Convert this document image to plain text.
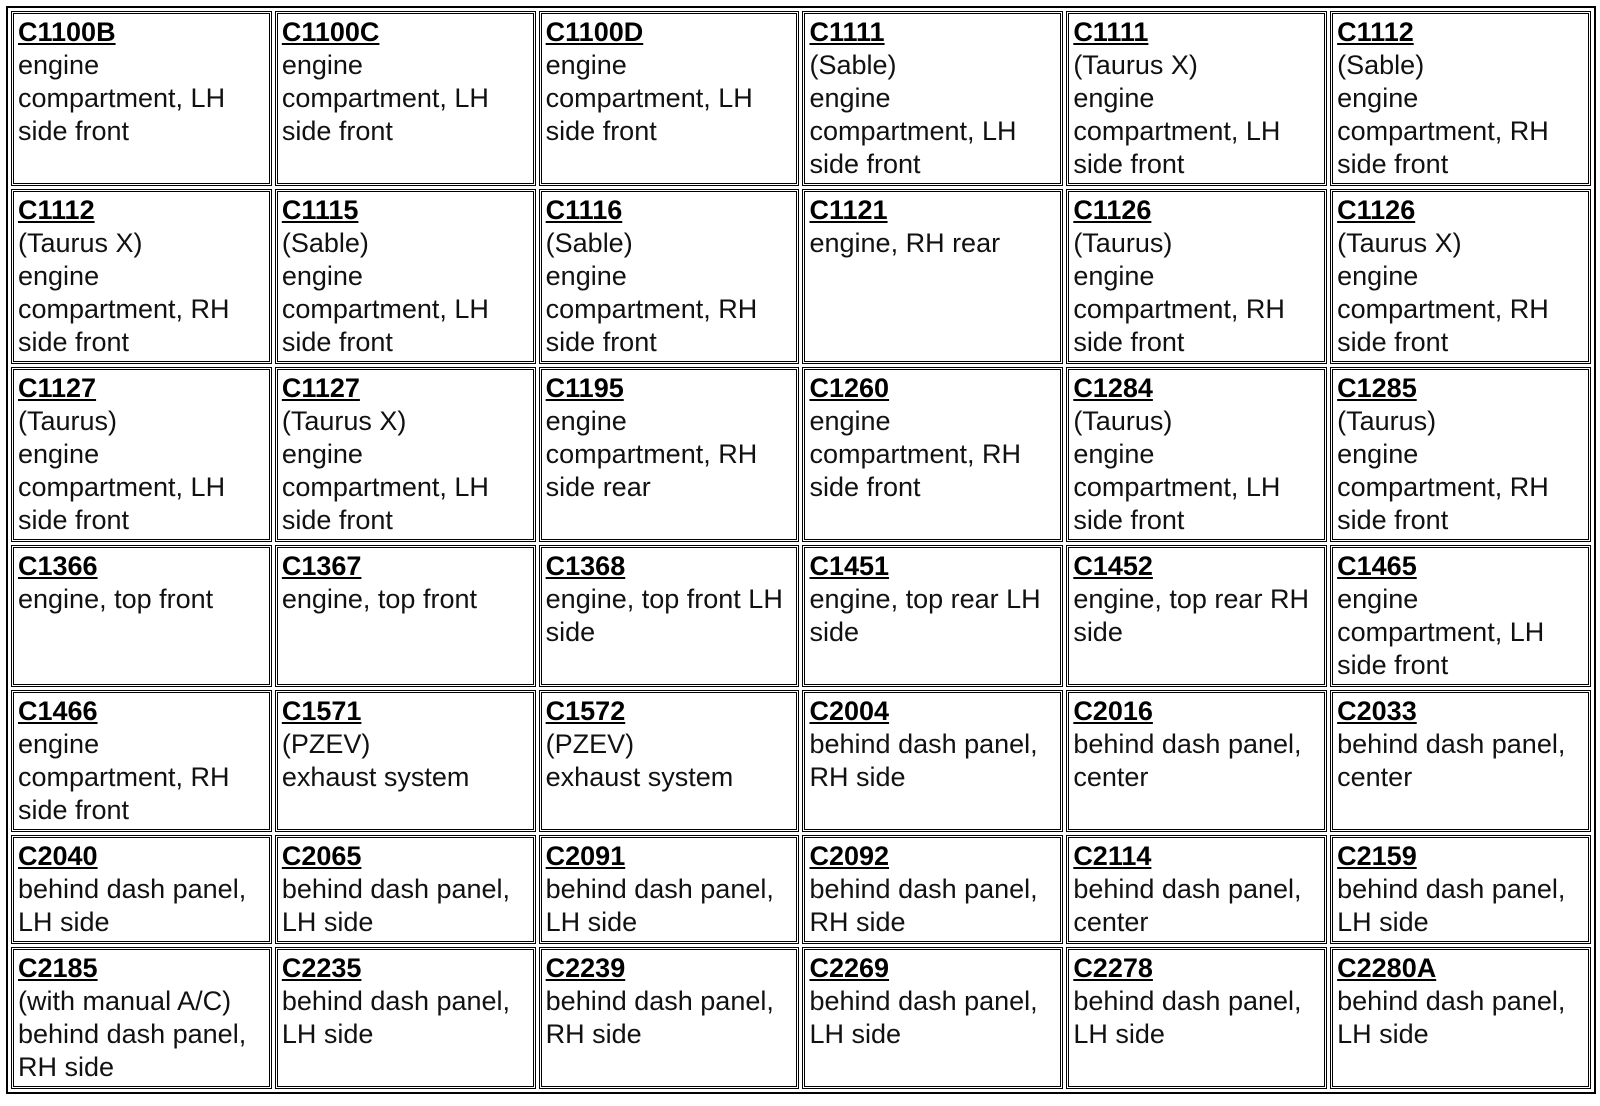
C1100B
engine compartment, LH side front	C1100C
engine compartment, LH side front	C1100D
engine compartment, LH side front	C1111
(Sable)
engine compartment, LH side front	C1111
(Taurus X)
engine compartment, LH side front	C1112
(Sable)
engine compartment, RH side front

C1112
(Taurus X)
engine compartment, RH side front	C1115
(Sable)
engine compartment, LH side front	C1116
(Sable)
engine compartment, RH side front	C1121
engine, RH rear	C1126
(Taurus)
engine compartment, RH side front	C1126
(Taurus X)
engine compartment, RH side front

C1127
(Taurus)
engine compartment, LH side front	C1127
(Taurus X)
engine compartment, LH side front	C1195
engine compartment, RH side rear	C1260
engine compartment, RH side front	C1284
(Taurus)
engine compartment, LH side front	C1285
(Taurus)
engine compartment, RH side front

C1366
engine, top front	C1367
engine, top front	C1368
engine, top front LH side	C1451
engine, top rear LH side	C1452
engine, top rear RH side	C1465
engine compartment, LH side front

C1466
engine compartment, RH side front	C1571
(PZEV)
exhaust system	C1572
(PZEV)
exhaust system	C2004
behind dash panel, RH side	C2016
behind dash panel, center	C2033
behind dash panel, center

C2040
behind dash panel, LH side	C2065
behind dash panel, LH side	C2091
behind dash panel, LH side	C2092
behind dash panel, RH side	C2114
behind dash panel, center	C2159
behind dash panel, LH side

C2185
(with manual A/C)
behind dash panel, RH side	C2235
behind dash panel, LH side	C2239
behind dash panel, RH side	C2269
behind dash panel, LH side	C2278
behind dash panel, LH side	C2280A
behind dash panel, LH side
